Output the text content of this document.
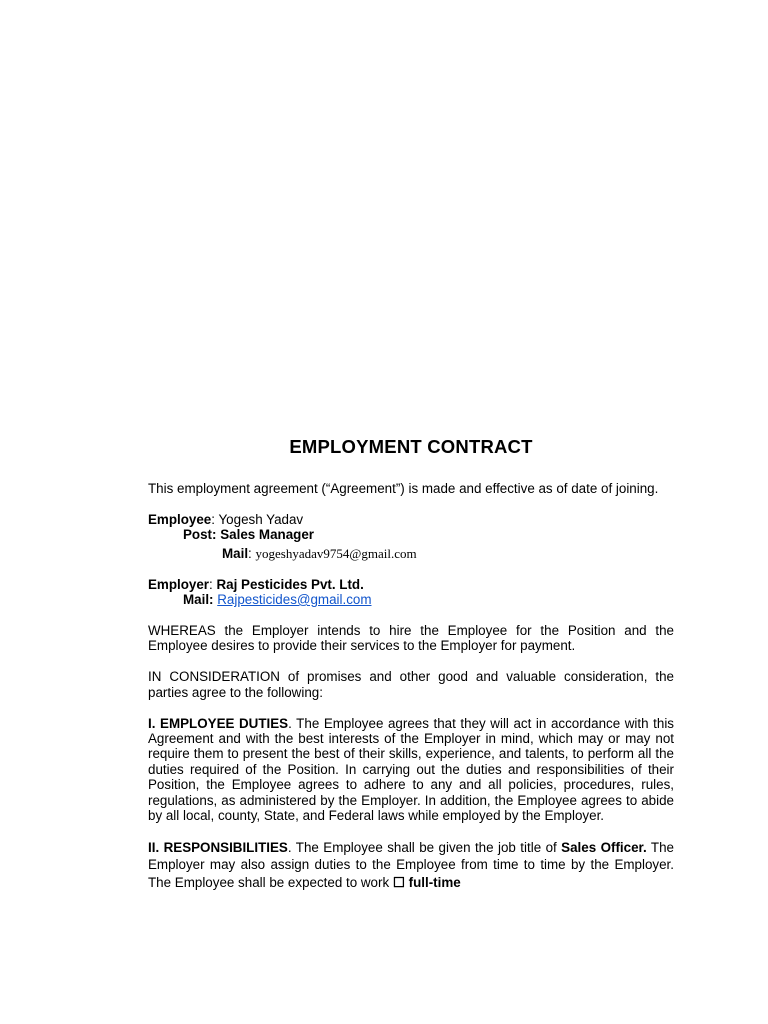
EMPLOYMENT CONTRACT

This employment agreement (“Agreement”) is made and effective as of date of joining.

Employee: Yogesh Yadav
Post: Sales Manager
Mail: yogeshyadav9754@gmail.com
Employer: Raj Pesticides Pvt. Ltd.
Mail: Rajpesticides@gmail.com

WHEREAS the Employer intends to hire the Employee for the Position and the Employee desires to provide their services to the Employer for payment.

IN CONSIDERATION of promises and other good and valuable consideration, the parties agree to the following:

I. EMPLOYEE DUTIES. The Employee agrees that they will act in accordance with this Agreement and with the best interests of the Employer in mind, which may or may not require them to present the best of their skills, experience, and talents, to perform all the duties required of the Position. In carrying out the duties and responsibilities of their Position, the Employee agrees to adhere to any and all policies, procedures, rules, regulations, as administered by the Employer. In addition, the Employee agrees to abide by all local, county, State, and Federal laws while employed by the Employer.

II. RESPONSIBILITIES. The Employee shall be given the job title of Sales Officer. The Employer may also assign duties to the Employee from time to time by the Employer. The Employee shall be expected to work ☐ full-time
